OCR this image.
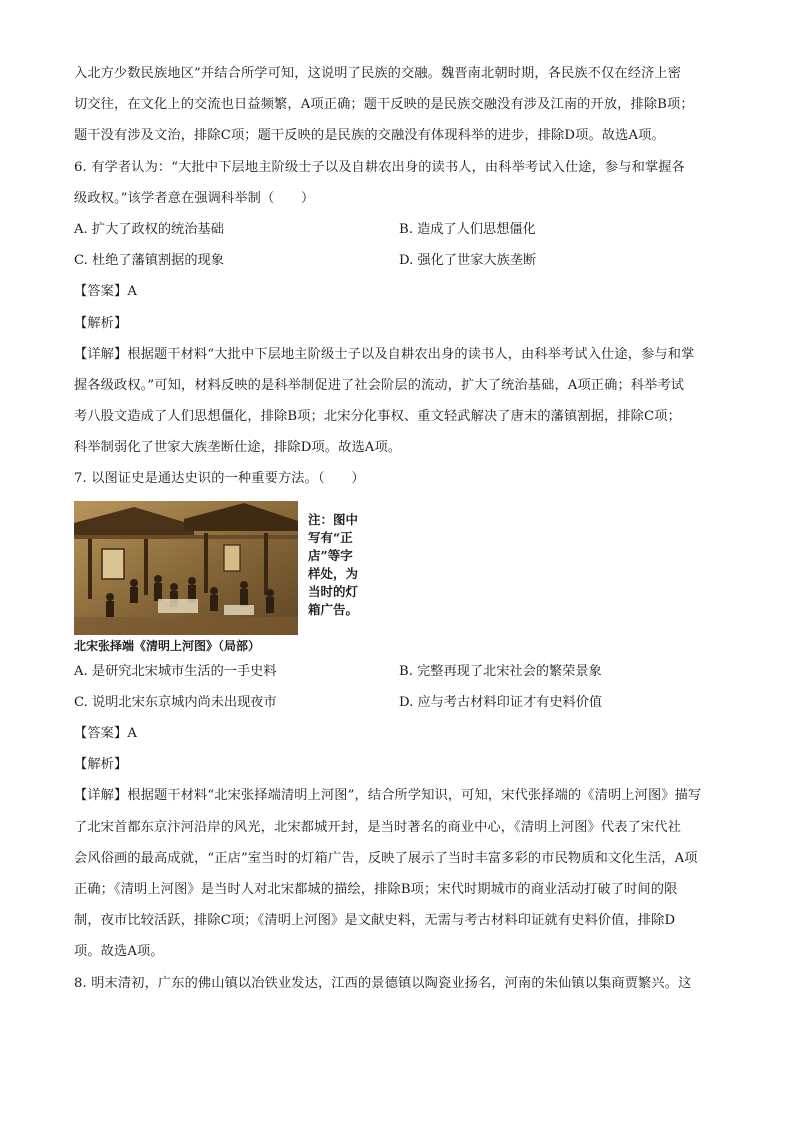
入北方少数民族地区”并结合所学可知，这说明了民族的交融。魏晋南北朝时期，各民族不仅在经济上密
切交往，在文化上的交流也日益频繁，A项正确；题干反映的是民族交融没有涉及江南的开放，排除B项；
题干没有涉及文治，排除C项；题干反映的是民族的交融没有体现科举的进步，排除D项。故选A项。
6. 有学者认为：“大批中下层地主阶级士子以及自耕农出身的读书人，由科举考试入仕途，参与和掌握各
级政权。”该学者意在强调科举制（　　）
A. 扩大了政权的统治基础	B. 造成了人们思想僵化
C. 杜绝了藩镇割据的现象	D. 强化了世家大族垄断
【答案】A
【解析】
【详解】根据题干材料“大批中下层地主阶级士子以及自耕农出身的读书人，由科举考试入仕途，参与和掌
握各级政权。”可知，材料反映的是科举制促进了社会阶层的流动，扩大了统治基础，A项正确；科举考试
考八股文造成了人们思想僵化，排除B项；北宋分化事权、重文轻武解决了唐末的藩镇割据，排除C项；
科举制弱化了世家大族垄断仕途，排除D项。故选A项。
7. 以图证史是通达史识的一种重要方法。（　　）
注：图中
写有“正
店”等字
样处，为
当时的灯
箱广告。
北宋张择端《清明上河图》（局部）
A. 是研究北宋城市生活的一手史料	B. 完整再现了北宋社会的繁荣景象
C. 说明北宋东京城内尚未出现夜市	D. 应与考古材料印证才有史料价值
【答案】A
【解析】
【详解】根据题干材料“北宋张择端清明上河图”，结合所学知识，可知，宋代张择端的《清明上河图》描写
了北宋首都东京汴河沿岸的风光，北宋都城开封，是当时著名的商业中心，《清明上河图》代表了宋代社
会风俗画的最高成就，“正店”室当时的灯箱广告，反映了展示了当时丰富多彩的市民物质和文化生活，A项
正确；《清明上河图》是当时人对北宋都城的描绘，排除B项；宋代时期城市的商业活动打破了时间的限
制，夜市比较活跃，排除C项；《清明上河图》是文献史料，无需与考古材料印证就有史料价值，排除D
项。故选A项。
8. 明末清初，广东的佛山镇以冶铁业发达，江西的景德镇以陶瓷业扬名，河南的朱仙镇以集商贾繁兴。这
